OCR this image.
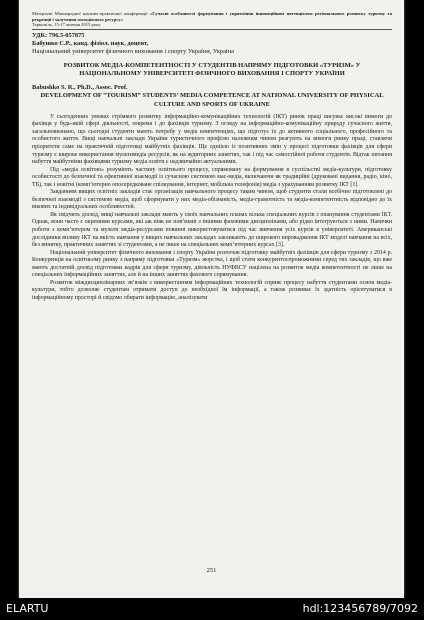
Матеріали Міжнародної науково-практичної конференції «Сучасні особливості формування і управління інноваційним потенціалом регіонального розвитку туризму та рекреації і залучення молодіжного ресурсу»
Тернопіль, 15-17 жовтня 2015 року
УДК: 796.5-057875
Бабушко С.Р., канд. фізіол. наук, доцент,
Національний університет фізичного виховання і спорту України, Україна
РОЗВИТОК МЕДІА-КОМПЕТЕНТНОСТІ У СТУДЕНТІВ НАПРЯМУ ПІДГОТОВКИ «ТУРИЗМ» У НАЦІОНАЛЬНОМУ УНІВЕРСИТЕТІ ФІЗИЧНОГО ВИХОВАННЯ І СПОРТУ УКРАЇНИ
Babushko S. R., Ph.D., Assoc. Prof.
DEVELOPMENT OF “TOURISM” STUDENTS’ MEDIA COMPETENCE AT NATIONAL UNIVERSITY OF PHYSICAL CULTURE AND SPORTS OF UKRAINE

У сьогоденних умовах стрімкого розвитку інформаційно-комунікаційних технологій (ІКТ) ринок праці висуває високі вимоги до фахівця у будь-якій сфері діяльності, зокрема і до фахівців туризму. З огляду на інформаційно-комунікаційну природу сучасного життя, загальновизнано, що сьогодні студенти мають потребу у медіа компетенціях, що підготує їх до активного соціального, професійного та особистого життя. Вищі навчальні заклади України туристичного профілю належним чином реагують на вимоги ринку праці, ставлячи пріоритети саме на практичній підготовці майбутніх фахівців. Ще одніією із позитивних змін у процесі підготовки фахівців для сфери туризму є широке використання мультимедіа ресурсів, як на аудиторних заняттях, так і під час самостійної роботи студентів. Відтак питання набуття майбутніми фахівцями туризму медіа освіти є надзвичайно актуальними.

Під «медіа освітою» розуміють частину освітнього процесу, спрямовану на формування в суспільстві медіа-культури, підготовку особистості до безпечної та ефективної взаємодії із сучасною системою мас-медіа, включаючи як традиційні (друковані видання, радіо, кіно, ТБ), так і новітні (комп’ютерно опосередковане спілкування, інтернет, мобільна телефонія) медіа з урахуванням розвитку ІКТ [1].

Завданням вищих освітніх закладів стає організація навчального процесу таким чином, щоб студенти стали всебічно підготовлені до безпечної взаємодії з системою медіа, щоб сформувати у них медіа-обізнаність, медіа-грамотність та медіа-компетентність відповідно до їх вікових та індивідуальних особливостей.

Як свідчить досвід, вищі навчальні заклади мають у своїх навчальних планах кілька спеціальних курсів з опанування студентами ІКТ. Однак, вони часто є окремими курсами, які аж ніяк не пов’язані з іншими фаховими дисциплінами, або рідко інтегруються з ними. Навички роботи з комп’ютером та мульти медіа-ресурсами повинні використовуватися під час вивчення усіх курсів в університеті. Американські дослідники впливу ІКТ на якість навчання у вищих навчальних закладах закликають до широкого впровадження ІКТ моделі навчання на всіх, без винятку, практичних заняттях зі студентами, а не лише на спеціальних комп’ютерних курсах [3].

Національний університет фізичного виховання і спорту України розпочав підготовку майбутніх фахівців для сфери туризму з 2014 р. Конкуренція на освітньому ринку з напряму підготовки «Туризм» жорстка, і щоб стати конкурентоспроможними серед тих закладів, що вже мають достатній досвід підготовки кадрів для сфери туризму, діяльність НУФВСУ націлена на розвиток медіа компетентності не лише на спеціальних інформаційних заняттях, але й на інших заняттях фахового спрямування.

Розвиток міждисциплінарних зв’язків з використанням інформаційних технологій сприяє процесу набуття студентами основ медіа-культури, тобто дозволяє студентам отримати доступ до необхідної їм інформації, а також розвиває їх здатність орієнтуватися в інформаційному просторі й свідомо обирати інформацію, аналізувати

251
ELARTU	hdl:123456789/7092
